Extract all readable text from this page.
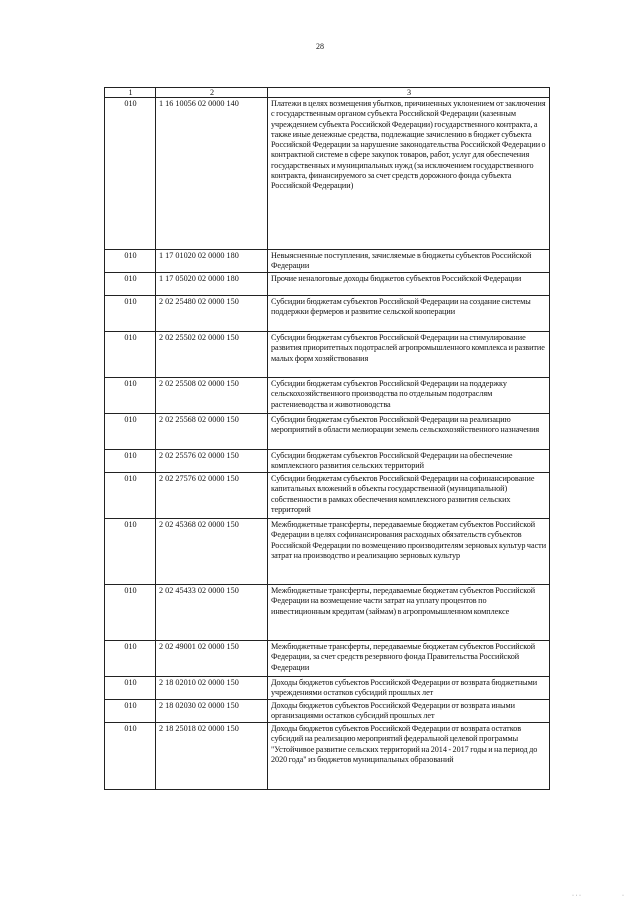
28
1	2	3
010	1 16 10056 02 0000 140	Платежи в целях возмещения убытков, причиненных уклонением от заключения с государственным органом субъекта Российской Федерации (казенным учреждением субъекта Российской Федерации) государственного контракта, а также иные денежные средства, подлежащие зачислению в бюджет субъекта Российской Федерации за нарушение законодательства Российской Федерации о контрактной системе в сфере закупок товаров, работ, услуг для обеспечения государственных и муниципальных нужд (за исключением государственного контракта, финансируемого за счет средств дорожного фонда субъекта Российской Федерации)
010	1 17 01020 02 0000 180	Невыясненные поступления, зачисляемые в бюджеты субъектов Российской Федерации
010	1 17 05020 02 0000 180	Прочие неналоговые доходы бюджетов субъектов Российской Федерации
010	2 02 25480 02 0000 150	Субсидии бюджетам субъектов Российской Федерации на создание системы поддержки фермеров и развитие сельской кооперации
010	2 02 25502 02 0000 150	Субсидии бюджетам субъектов Российской Федерации на стимулирование развития приоритетных подотраслей агропромышленного комплекса и развитие малых форм хозяйствования
010	2 02 25508 02 0000 150	Субсидии бюджетам субъектов Российской Федерации на поддержку сельскохозяйственного производства по отдельным подотраслям растениеводства и животноводства
010	2 02 25568 02 0000 150	Субсидии бюджетам субъектов Российской Федерации на реализацию мероприятий в области мелиорации земель сельскохозяйственного назначения
010	2 02 25576 02 0000 150	Субсидии бюджетам субъектов Российской Федерации на обеспечение комплексного развития сельских территорий
010	2 02 27576 02 0000 150	Субсидии бюджетам субъектов Российской Федерации на софинансирование капитальных вложений в объекты государственной (муниципальной) собственности в рамках обеспечения комплексного развития сельских территорий
010	2 02 45368 02 0000 150	Межбюджетные трансферты, передаваемые бюджетам субъектов Российской Федерации в целях софинансирования расходных обязательств субъектов Российской Федерации по возмещению производителям зерновых культур части затрат на производство и реализацию зерновых культур
010	2 02 45433 02 0000 150	Межбюджетные трансферты, передаваемые бюджетам субъектов Российской Федерации на возмещение части затрат на уплату процентов по инвестиционным кредитам (займам) в агропромышленном комплексе
010	2 02 49001 02 0000 150	Межбюджетные трансферты, передаваемые бюджетам субъектов Российской Федерации, за счет средств резервного фонда Правительства Российской Федерации
010	2 18 02010 02 0000 150	Доходы бюджетов субъектов Российской Федерации от возврата бюджетными учреждениями остатков субсидий прошлых лет
010	2 18 02030 02 0000 150	Доходы бюджетов субъектов Российской Федерации от возврата иными организациями остатков субсидий прошлых лет
010	2 18 25018 02 0000 150	Доходы бюджетов субъектов Российской Федерации от возврата остатков субсидий на реализацию мероприятий федеральной целевой программы "Устойчивое развитие сельских территорий на 2014 - 2017 годы и на период до 2020 года" из бюджетов муниципальных образований
· · ·	·
